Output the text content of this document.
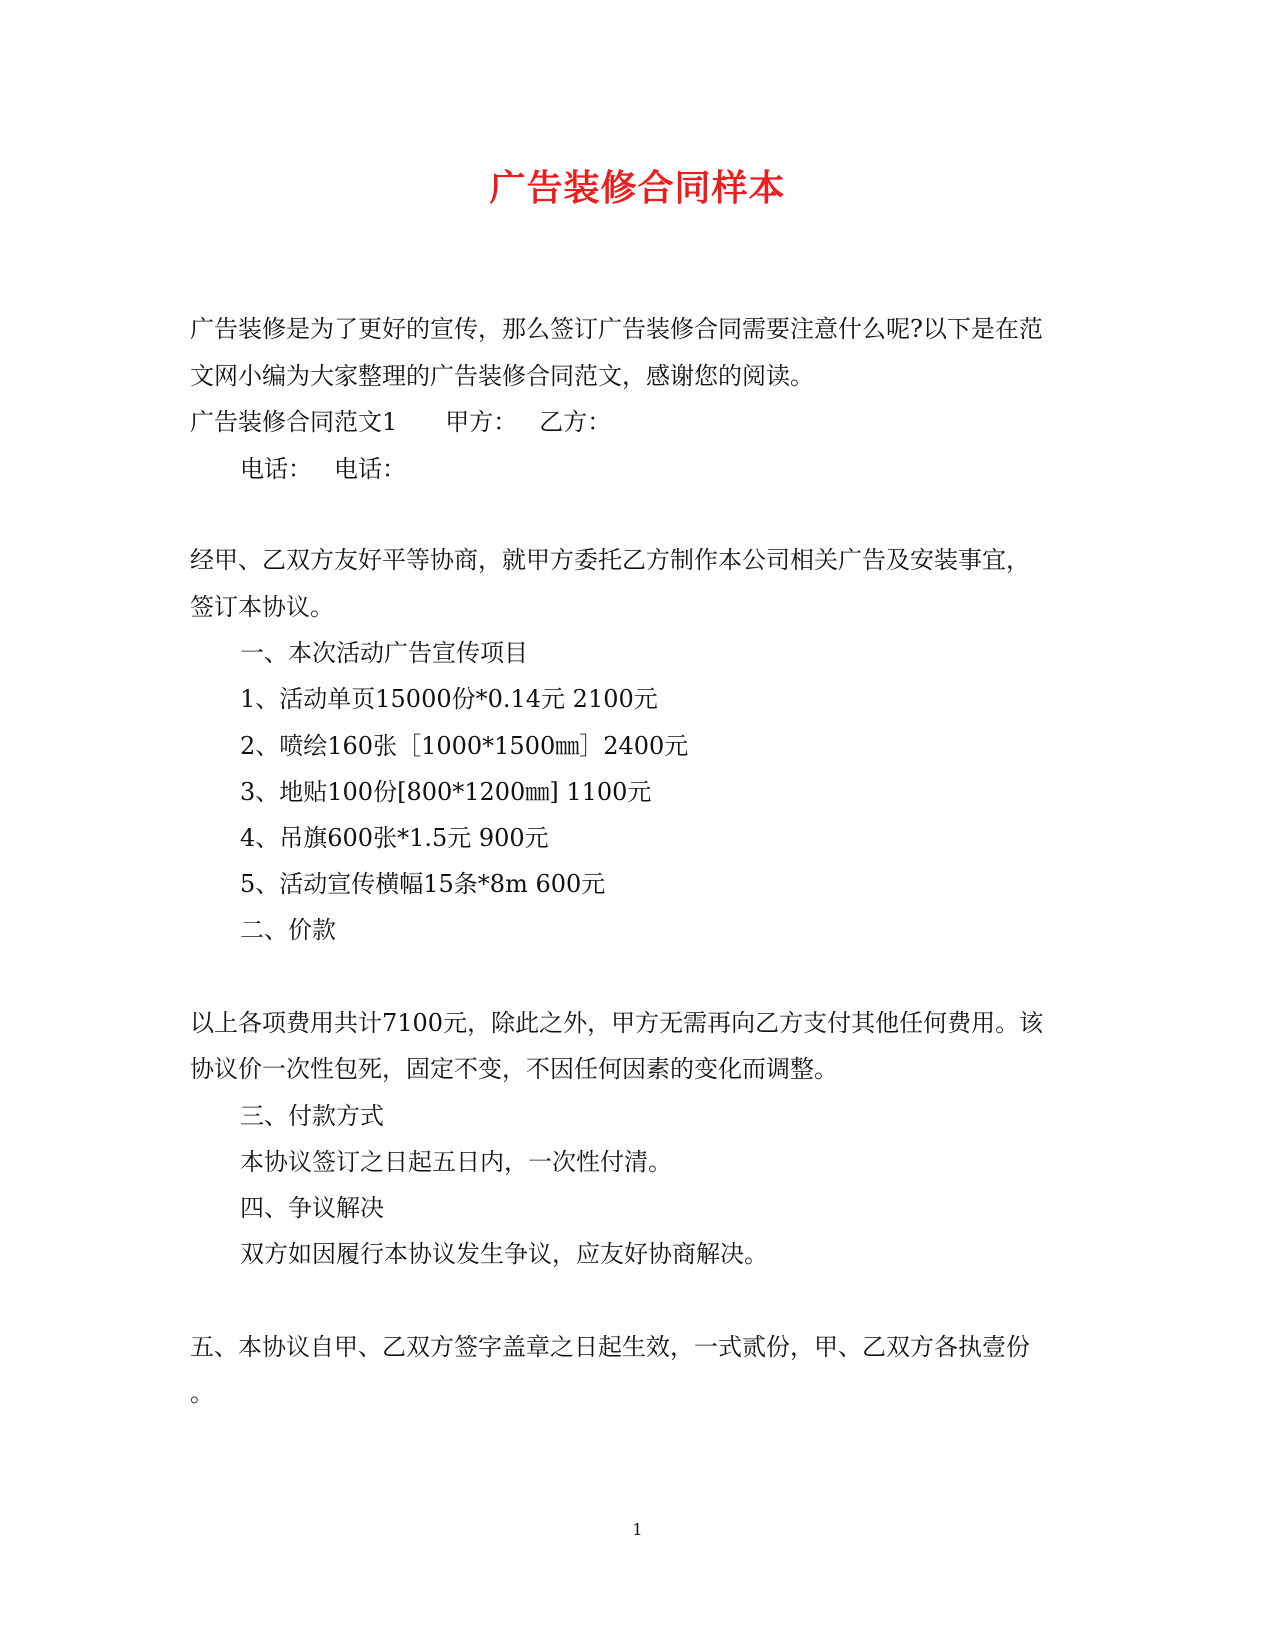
广告装修合同样本
广告装修是为了更好的宣传，那么签订广告装修合同需要注意什么呢?以下是在范
文网小编为大家整理的广告装修合同范文，感谢您的阅读。
广告装修合同范文1 甲方： 乙方：
电话： 电话：
经甲、乙双方友好平等协商，就甲方委托乙方制作本公司相关广告及安装事宜，
签订本协议。
一、本次活动广告宣传项目
1、活动单页15000份*0.14元 2100元
2、喷绘160张［1000*1500㎜］2400元
3、地贴100份[800*1200㎜] 1100元
4、吊旗600张*1.5元 900元
5、活动宣传横幅15条*8m 600元
二、价款
以上各项费用共计7100元，除此之外，甲方无需再向乙方支付其他任何费用。该
协议价一次性包死，固定不变，不因任何因素的变化而调整。
三、付款方式
本协议签订之日起五日内，一次性付清。
四、争议解决
双方如因履行本协议发生争议，应友好协商解决。
五、本协议自甲、乙双方签字盖章之日起生效，一式贰份，甲、乙双方各执壹份
。
1
